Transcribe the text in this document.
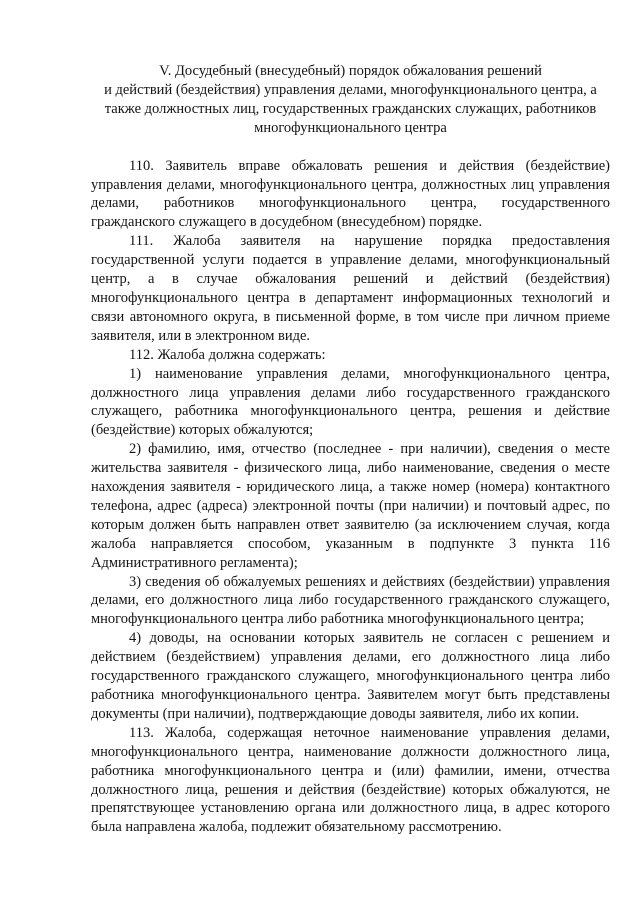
V. Досудебный (внесудебный) порядок обжалования решений
и действий (бездействия) управления делами, многофункционального центра, а
также должностных лиц, государственных гражданских служащих, работников
многофункционального центра

110. Заявитель вправе обжаловать решения и действия (бездействие) управления делами, многофункционального центра, должностных лиц управления делами, работников многофункционального центра, государственного гражданского служащего в досудебном (внесудебном) порядке.

111. Жалоба заявителя на нарушение порядка предоставления государственной услуги подается в управление делами, многофункциональный центр, а в случае обжалования решений и действий (бездействия) многофункционального центра в департамент информационных технологий и связи автономного округа, в письменной форме, в том числе при личном приеме заявителя, или в электронном виде.

112. Жалоба должна содержать:

1) наименование управления делами, многофункционального центра, должностного лица управления делами либо государственного гражданского служащего, работника многофункционального центра, решения и действие (бездействие) которых обжалуются;

2) фамилию, имя, отчество (последнее - при наличии), сведения о месте жительства заявителя - физического лица, либо наименование, сведения о месте нахождения заявителя - юридического лица, а также номер (номера) контактного телефона, адрес (адреса) электронной почты (при наличии) и почтовый адрес, по которым должен быть направлен ответ заявителю (за исключением случая, когда жалоба направляется способом, указанным в подпункте 3 пункта 116 Административного регламента);

3) сведения об обжалуемых решениях и действиях (бездействии) управления делами, его должностного лица либо государственного гражданского служащего, многофункционального центра либо работника многофункционального центра;

4) доводы, на основании которых заявитель не согласен с решением и действием (бездействием) управления делами, его должностного лица либо государственного гражданского служащего, многофункционального центра либо работника многофункционального центра. Заявителем могут быть представлены документы (при наличии), подтверждающие доводы заявителя, либо их копии.

113. Жалоба, содержащая неточное наименование управления делами, многофункционального центра, наименование должности должностного лица, работника многофункционального центра и (или) фамилии, имени, отчества должностного лица, решения и действия (бездействие) которых обжалуются, не препятствующее установлению органа или должностного лица, в адрес которого была направлена жалоба, подлежит обязательному рассмотрению.
